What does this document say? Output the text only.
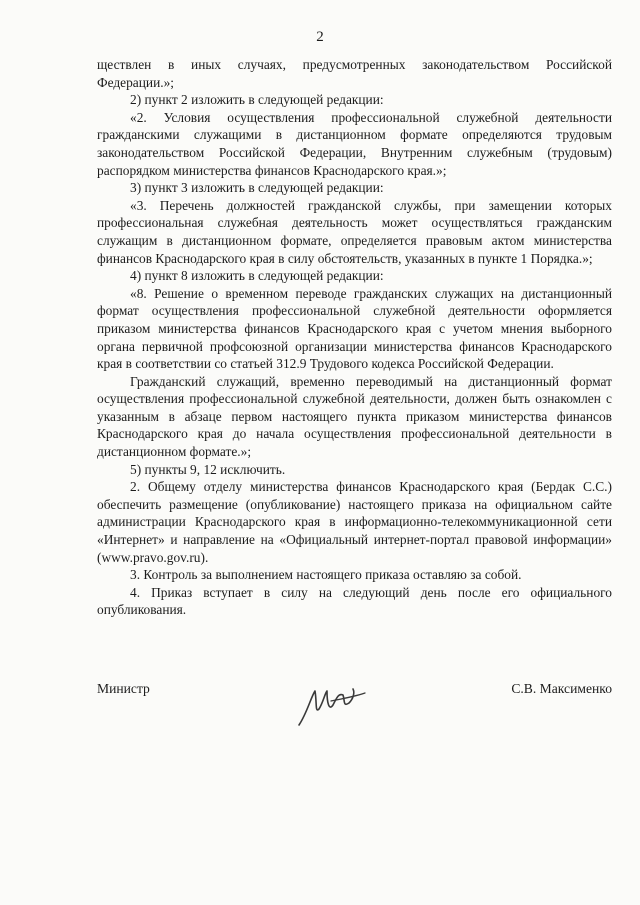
2

ществлен в иных случаях, предусмотренных законодательством Российской Федерации.»;

2) пункт 2 изложить в следующей редакции:

«2. Условия осуществления профессиональной служебной деятельности гражданскими служащими в дистанционном формате определяются трудовым законодательством Российской Федерации, Внутренним служебным (трудовым) распорядком министерства финансов Краснодарского края.»;

3) пункт 3 изложить в следующей редакции:

«3. Перечень должностей гражданской службы, при замещении которых профессиональная служебная деятельность может осуществляться гражданским служащим в дистанционном формате, определяется правовым актом министерства финансов Краснодарского края в силу обстоятельств, указанных в пункте 1 Порядка.»;

4) пункт 8 изложить в следующей редакции:

«8. Решение о временном переводе гражданских служащих на дистанционный формат осуществления профессиональной служебной деятельности оформляется приказом министерства финансов Краснодарского края с учетом мнения выборного органа первичной профсоюзной организации министерства финансов Краснодарского края в соответствии со статьей 312.9 Трудового кодекса Российской Федерации.

Гражданский служащий, временно переводимый на дистанционный формат осуществления профессиональной служебной деятельности, должен быть ознакомлен с указанным в абзаце первом настоящего пункта приказом министерства финансов Краснодарского края до начала осуществления профессиональной деятельности в дистанционном формате.»;

5) пункты 9, 12 исключить.

2. Общему отделу министерства финансов Краснодарского края (Бердак С.С.) обеспечить размещение (опубликование) настоящего приказа на официальном сайте администрации Краснодарского края в информационно-телекоммуникационной сети «Интернет» и направление на «Официальный интернет-портал правовой информации» (www.pravo.gov.ru).

3. Контроль за выполнением настоящего приказа оставляю за собой.

4. Приказ вступает в силу на следующий день после его официального опубликования.

Министр	С.В. Максименко
